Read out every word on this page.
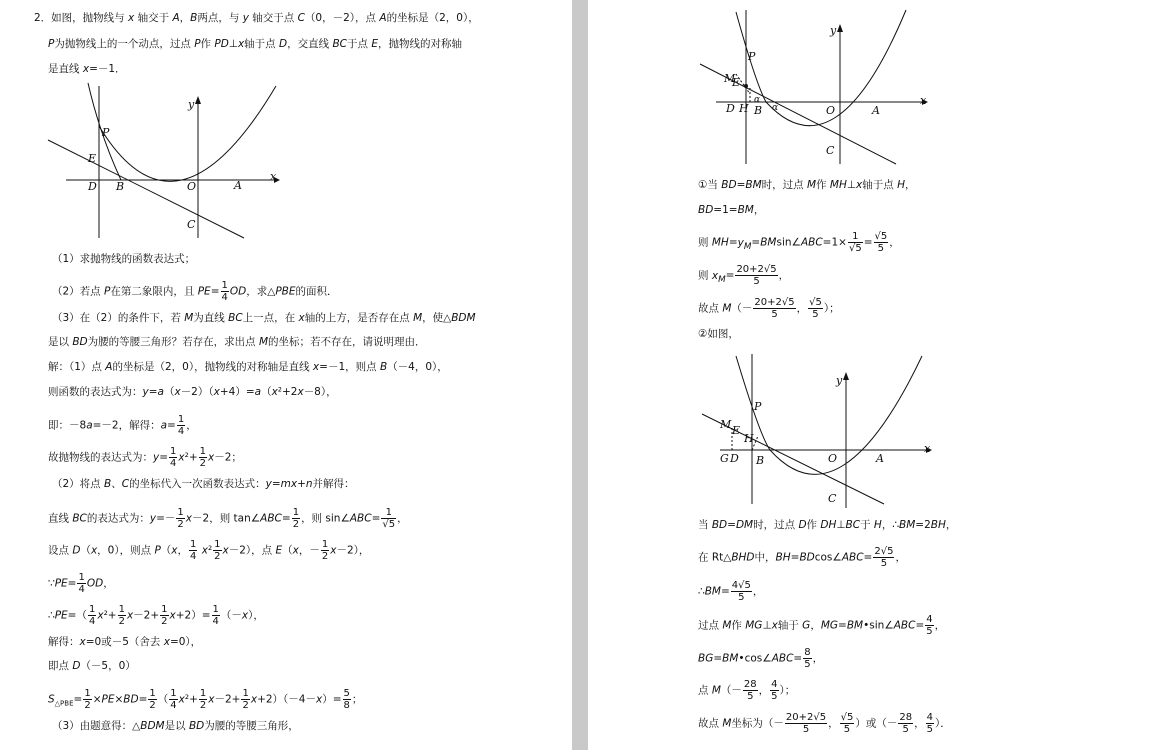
2．如图，抛物线与 x 轴交于 A，B两点，与 y 轴交于点 C（0，－2），点 A的坐标是（2，0），
P为抛物线上的一个动点，过点 P作 PD⊥x轴于点 D，交直线 BC于点 E，抛物线的对称轴
是直线 x=－1．
y
x
P
E
D B	O	A
C
（1）求抛物线的函数表达式；
（2）若点 P在第二象限内，且 $PE= \frac{1}{4}$ OD，求△PBE的面积．
（3）在（2）的条件下，若 M为直线 BC上一点，在 x轴的上方，是否存在点 M，使△BDM
是以 BD为腰的等腰三角形？若存在，求出点 M的坐标；若不存在，请说明理由．
解：（1）点 A的坐标是（2，0），抛物线的对称轴是直线 x=－1，则点 B（－4，0），
则函数的表达式为：y=a（x－2）（x+4）=a（x²+2x－8），
即：－8a=－2，解得：$a= \frac{1}{4}$ ，
故抛物线的表达式为：$y= \frac{1}{4} x^2+ \frac{1}{2} x-2$；
（2）将点 B、C的坐标代入一次函数表达式：y=mx+n并解得：
直线 BC的表达式为：$y=- \frac{1}{2} x-2$，则 tan∠ABC= $\frac{1}{2}$ ，则 sin∠ABC= $\frac{1}{√5}$ ，
设点 D（x，0），则点 P（x， $\frac{1}{4} x^2 \frac{1}{2} x-2$），点 E（x，－ $\frac{1}{2} x-2$），
∵PE= $\frac{1}{4}$ OD，
∴PE=（ $\frac{1}{4} x^2+ \frac{1}{2} x-2+ \frac{1}{2} x+2)= \frac{1}{4} (-x)$，
解得：x=0或－5（舍去 x=0），
即点 D（－5，0）
$S_{\triangle PBE}= \frac{1}{2} \times PE\times BD= \frac{1}{2}$ （ $\frac{1}{4} x^2+ \frac{1}{2} x-2+ \frac{1}{2} x+2)(-4-x)= \frac{5}{8}$ ；
（3）由题意得：△BDM是以 BD为腰的等腰三角形，
y
x
P
M
E
D H B
α
α	O	A
C
①当 BD=BM时，过点 M作 MH⊥x轴于点 H，
BD=1=BM，
则 $MH=y_M=BMsin\angle ABC=1\times \frac{1}{√5} = \frac{√5}{5}$ ，
则 $x_M= \frac{20+2√5}{5}$ ，
故点 $M(- \frac{20+2√5}{5}$ ， $\frac{√5}{5}$ ）；
②如图，
y
x
P
M E
H
G D B	O	A
C
当 BD=DM时，过点 D作 DH⊥BC于 H，∴BM=2BH，
在 Rt△BHD中，BH=BDcos∠ABC= $\frac{2√5}{5}$ ，
∴BM= $\frac{4√5}{5}$ ，
过点 M作 MG⊥x轴于 G，MG=BM•sin∠ABC= $\frac{4}{5}$ ，
BG=BM•cos∠ABC= $\frac{8}{5}$ ，
点 $M(- \frac{28}{5}$ ， $\frac{4}{5}$ ）；
故点 M坐标为（－ $\frac{20+2√5}{5}$ ， $\frac{√5}{5}$ ）或（－ $\frac{28}{5}$ ， $\frac{4}{5}$ ）．
